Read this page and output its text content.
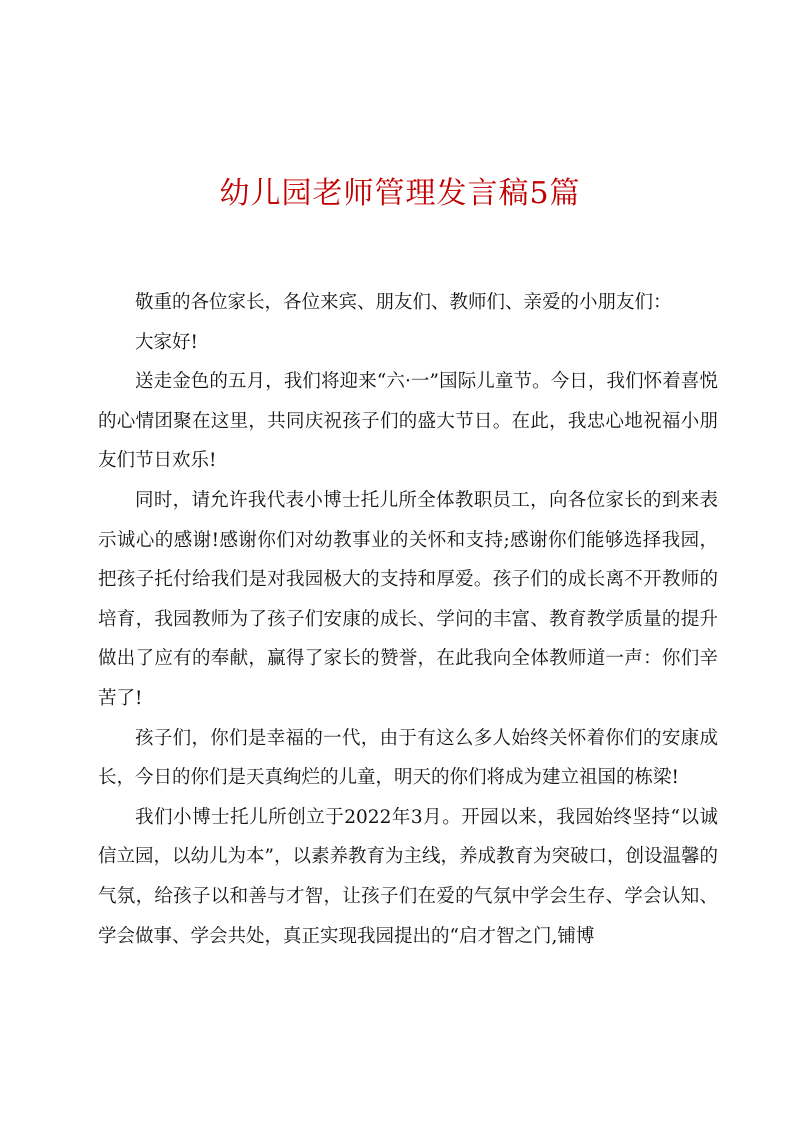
幼儿园老师管理发言稿5篇

敬重的各位家长，各位来宾、朋友们、教师们、亲爱的小朋友们：

大家好!

送走金色的五月，我们将迎来“六·一”国际儿童节。今日，我们怀着喜悦的心情团聚在这里，共同庆祝孩子们的盛大节日。在此，我忠心地祝福小朋友们节日欢乐!

同时，请允许我代表小博士托儿所全体教职员工，向各位家长的到来表示诚心的感谢!感谢你们对幼教事业的关怀和支持;感谢你们能够选择我园，把孩子托付给我们是对我园极大的支持和厚爱。孩子们的成长离不开教师的培育，我园教师为了孩子们安康的成长、学问的丰富、教育教学质量的提升做出了应有的奉献，赢得了家长的赞誉，在此我向全体教师道一声：你们辛苦了!

孩子们，你们是幸福的一代，由于有这么多人始终关怀着你们的安康成长，今日的你们是天真绚烂的儿童，明天的你们将成为建立祖国的栋梁!

我们小博士托儿所创立于2022年3月。开园以来，我园始终坚持“以诚信立园，以幼儿为本”，以素养教育为主线，养成教育为突破口，创设温馨的气氛，给孩子以和善与才智，让孩子们在爱的气氛中学会生存、学会认知、学会做事、学会共处，真正实现我园提出的“启才智之门,铺博
